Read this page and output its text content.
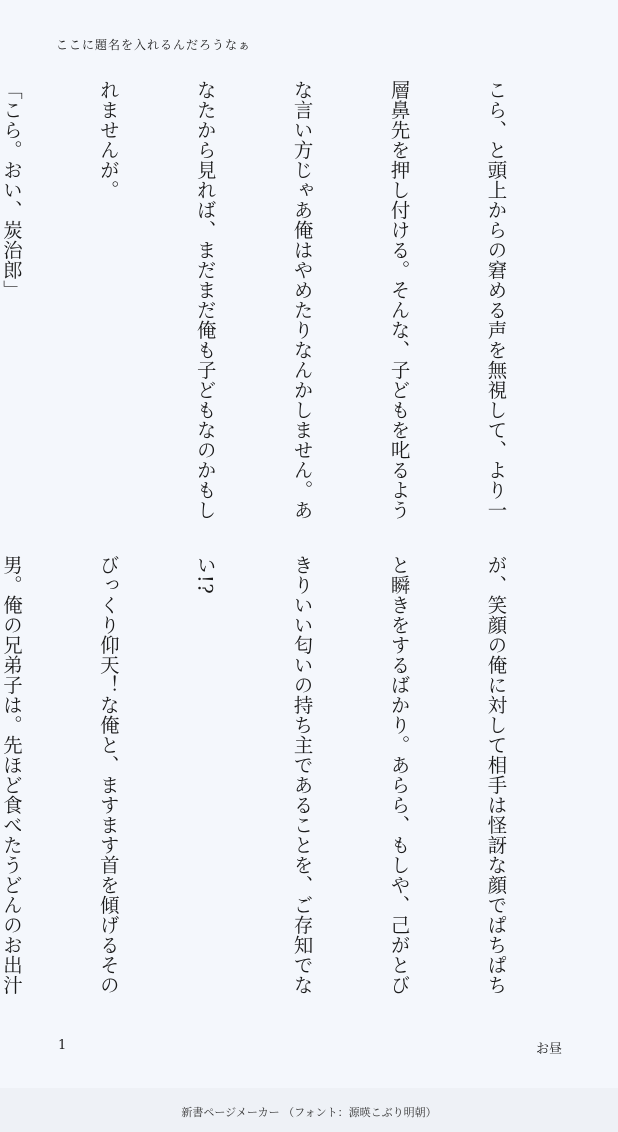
ここに題名を入れるんだろうなぁ

こら、と頭上からの窘める声を無視して、より一

層鼻先を押し付ける。そんな、子どもを叱るよう

な言い方じゃあ俺はやめたりなんかしません。あ

なたから見れば、まだまだ俺も子どもなのかもし

れませんが。

「こら。おい、炭治郎」

が、笑顔の俺に対して相手は怪訝な顔でぱちぱち

と瞬きをするばかり。あらら、もしや、己がとび

きりいい匂いの持ち主であることを、ご存知でな

い!?

びっくり仰天！な俺と、ますます首を傾げるその

男。俺の兄弟子は。先ほど食べたうどんのお出汁

1	お昼
新書ページメーカー （フォント：源暎こぶり明朝）
